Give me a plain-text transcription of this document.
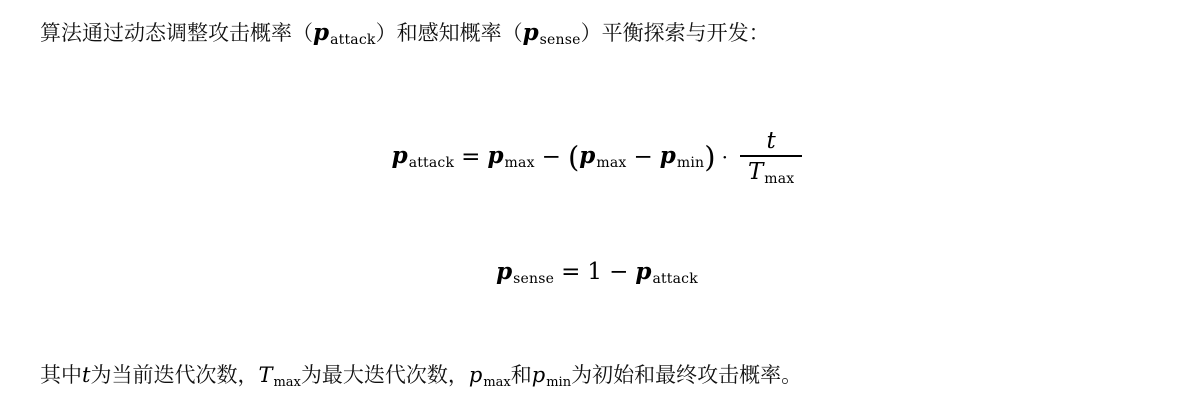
算法通过动态调整攻击概率$(p_{attack})$和感知概率$(p_{sense})$平衡探索与开发：
pattack = pmax − ( pmax − pmin ) · $\frac{t}{T_{max}}$
psense = 1 − pattack
其中t为当前迭代次数，Tmax为最大迭代次数，pmax和pmin为初始和最终攻击概率。
